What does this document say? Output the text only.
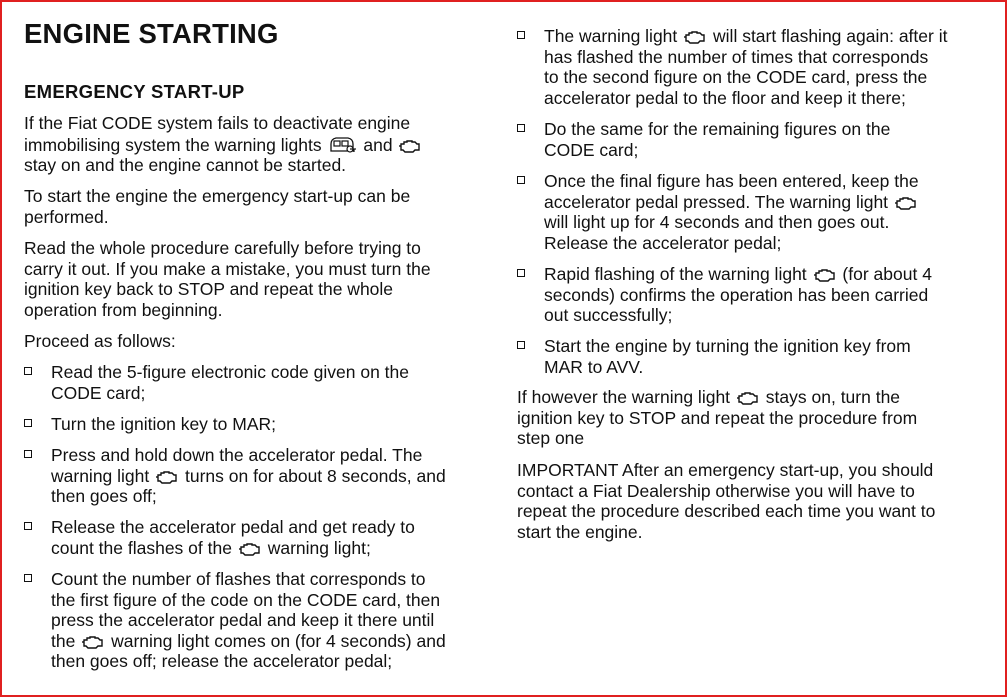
ENGINE STARTING
EMERGENCY START-UP
If the Fiat CODE system fails to deactivate engine
immobilising system the warning lights and
stay on and the engine cannot be started.
To start the engine the emergency start-up can be
performed.
Read the whole procedure carefully before trying to
carry it out. If you make a mistake, you must turn the
ignition key back to STOP and repeat the whole
operation from beginning.
Proceed as follows:
Read the 5-figure electronic code given on the
CODE card;
Turn the ignition key to MAR;
Press and hold down the accelerator pedal. The
warning light turns on for about 8 seconds, and
then goes off;
Release the accelerator pedal and get ready to
count the flashes of the warning light;
Count the number of flashes that corresponds to
the first figure of the code on the CODE card, then
press the accelerator pedal and keep it there until
the warning light comes on (for 4 seconds) and
then goes off; release the accelerator pedal;
The warning light will start flashing again: after it
has flashed the number of times that corresponds
to the second figure on the CODE card, press the
accelerator pedal to the floor and keep it there;
Do the same for the remaining figures on the
CODE card;
Once the final figure has been entered, keep the
accelerator pedal pressed. The warning light
will light up for 4 seconds and then goes out.
Release the accelerator pedal;
Rapid flashing of the warning light (for about 4
seconds) confirms the operation has been carried
out successfully;
Start the engine by turning the ignition key from
MAR to AVV.
If however the warning light stays on, turn the
ignition key to STOP and repeat the procedure from
step one
IMPORTANT After an emergency start-up, you should
contact a Fiat Dealership otherwise you will have to
repeat the procedure described each time you want to
start the engine.
